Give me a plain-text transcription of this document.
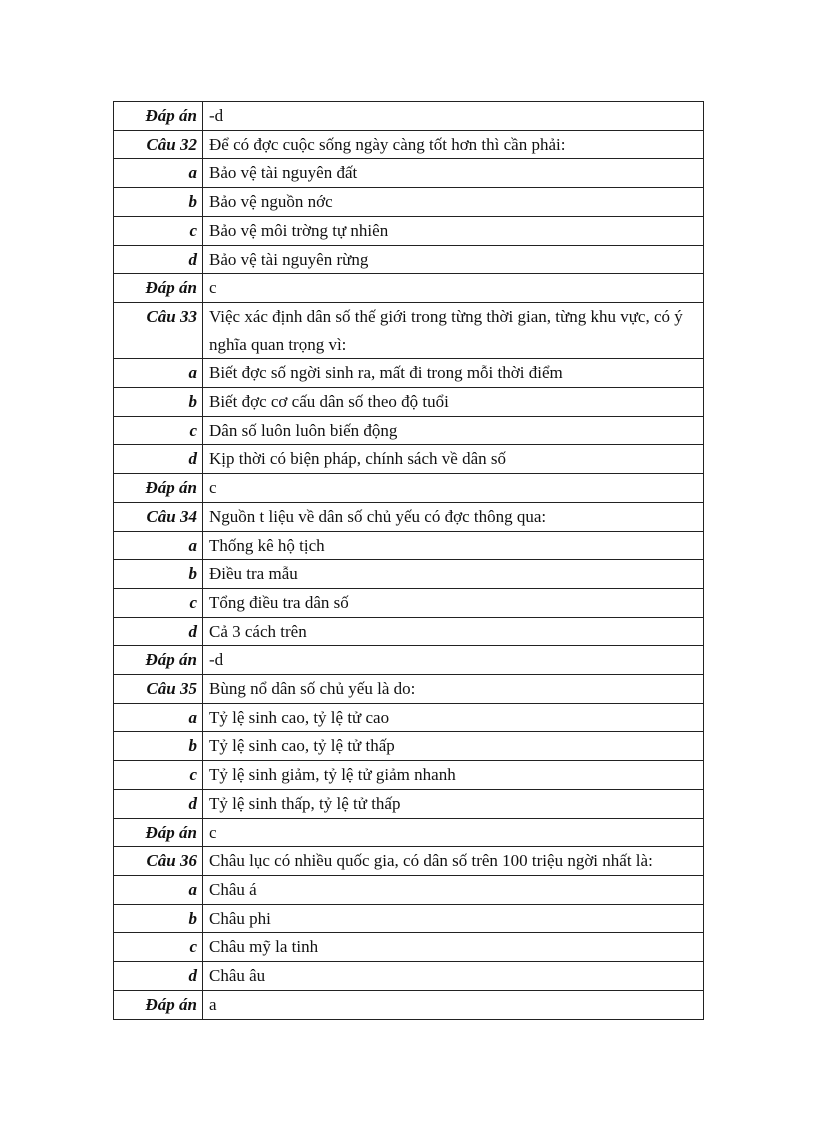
Đáp án	-d
Câu 32	Để có đợc cuộc sống ngày càng tốt hơn thì cần phải:
a	Bảo vệ tài nguyên đất
b	Bảo vệ nguồn nớc
c	Bảo vệ môi trờng tự nhiên
d	Bảo vệ tài nguyên rừng
Đáp án	c
Câu 33	Việc xác định dân số thế giới trong từng thời gian, từng khu vực, có ý nghĩa quan trọng vì:
a	Biết đợc số ngời sinh ra, mất đi trong mỗi thời điểm
b	Biết đợc cơ cấu dân số theo độ tuổi
c	Dân số luôn luôn biến động
d	Kịp thời có biện pháp, chính sách về dân số
Đáp án	c
Câu 34	Nguồn t liệu về dân số chủ yếu có đợc thông qua:
a	Thống kê hộ tịch
b	Điều tra mẫu
c	Tổng điều tra dân số
d	Cả 3 cách trên
Đáp án	-d
Câu 35	Bùng nổ dân số chủ yếu là do:
a	Tỷ lệ sinh cao, tỷ lệ tử cao
b	Tỷ lệ sinh cao, tỷ lệ tử thấp
c	Tỷ lệ sinh giảm, tỷ lệ tử giảm nhanh
d	Tỷ lệ sinh thấp, tỷ lệ tử thấp
Đáp án	c
Câu 36	Châu lục có nhiều quốc gia, có dân số trên 100 triệu ngời nhất là:
a	Châu á
b	Châu phi
c	Châu mỹ la tinh
d	Châu âu
Đáp án	a
